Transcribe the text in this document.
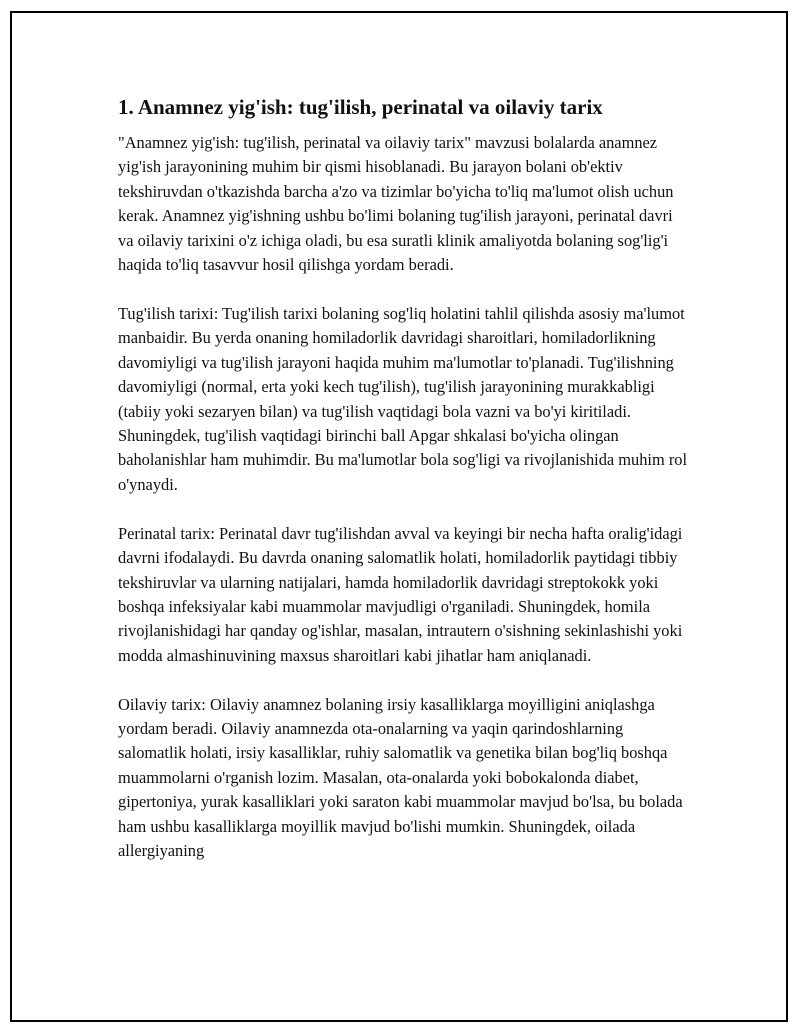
1. Anamnez yig'ish: tug'ilish, perinatal va oilaviy tarix

"Anamnez yig'ish: tug'ilish, perinatal va oilaviy tarix" mavzusi bolalarda anamnez yig'ish jarayonining muhim bir qismi hisoblanadi. Bu jarayon bolani ob'ektiv tekshiruvdan o'tkazishda barcha a'zo va tizimlar bo'yicha to'liq ma'lumot olish uchun kerak. Anamnez yig'ishning ushbu bo'limi bolaning tug'ilish jarayoni, perinatal davri va oilaviy tarixini o'z ichiga oladi, bu esa suratli klinik amaliyotda bolaning sog'lig'i haqida to'liq tasavvur hosil qilishga yordam beradi.

Tug'ilish tarixi: Tug'ilish tarixi bolaning sog'liq holatini tahlil qilishda asosiy ma'lumot manbaidir. Bu yerda onaning homiladorlik davridagi sharoitlari, homiladorlikning davomiyligi va tug'ilish jarayoni haqida muhim ma'lumotlar to'planadi. Tug'ilishning davomiyligi (normal, erta yoki kech tug'ilish), tug'ilish jarayonining murakkabligi (tabiiy yoki sezaryen bilan) va tug'ilish vaqtidagi bola vazni va bo'yi kiritiladi. Shuningdek, tug'ilish vaqtidagi birinchi ball Apgar shkalasi bo'yicha olingan baholanishlar ham muhimdir. Bu ma'lumotlar bola sog'ligi va rivojlanishida muhim rol o'ynaydi.

Perinatal tarix: Perinatal davr tug'ilishdan avval va keyingi bir necha hafta oralig'idagi davrni ifodalaydi. Bu davrda onaning salomatlik holati, homiladorlik paytidagi tibbiy tekshiruvlar va ularning natijalari, hamda homiladorlik davridagi streptokokk yoki boshqa infeksiyalar kabi muammolar mavjudligi o'rganiladi. Shuningdek, homila rivojlanishidagi har qanday og'ishlar, masalan, intrautern o'sishning sekinlashishi yoki modda almashinuvining maxsus sharoitlari kabi jihatlar ham aniqlanadi.

Oilaviy tarix: Oilaviy anamnez bolaning irsiy kasalliklarga moyilligini aniqlashga yordam beradi. Oilaviy anamnezda ota-onalarning va yaqin qarindoshlarning salomatlik holati, irsiy kasalliklar, ruhiy salomatlik va genetika bilan bog'liq boshqa muammolarni o'rganish lozim. Masalan, ota-onalarda yoki bobokalonda diabet, gipertoniya, yurak kasalliklari yoki saraton kabi muammolar mavjud bo'lsa, bu bolada ham ushbu kasalliklarga moyillik mavjud bo'lishi mumkin. Shuningdek, oilada allergiyaning
